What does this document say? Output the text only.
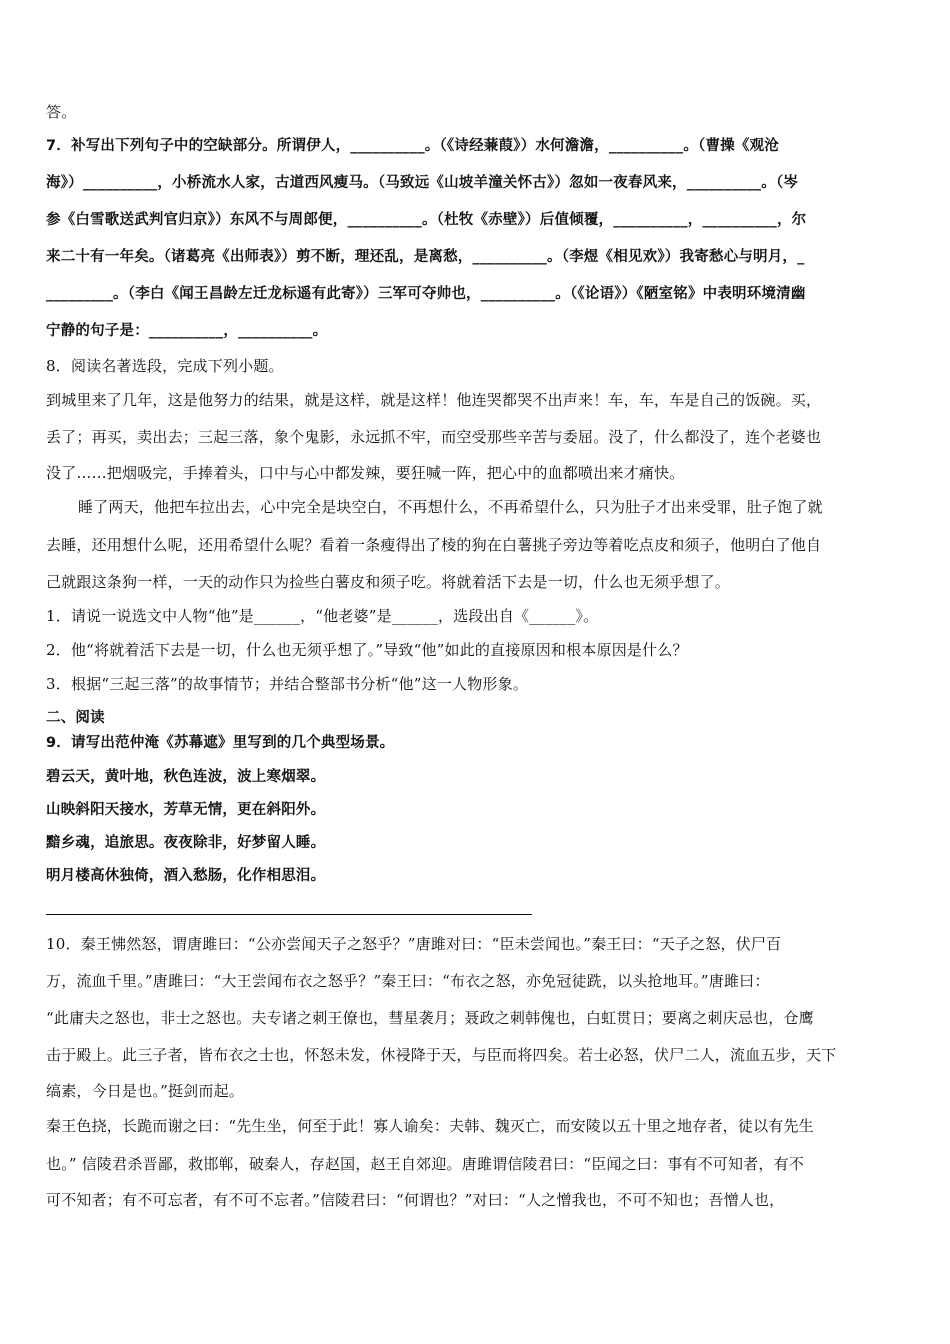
答。
7．补写出下列句子中的空缺部分。所谓伊人，__________。（《诗经蒹葭》）水何澹澹，__________。（曹操《观沧
海》）__________，小桥流水人家，古道西风瘦马。（马致远《山坡羊潼关怀古》）忽如一夜春风来，__________。（岑
参《白雪歌送武判官归京》）东风不与周郎便，__________。（杜牧《赤壁》）后值倾覆，__________，__________，尔
来二十有一年矣。（诸葛亮《出师表》）剪不断，理还乱，是离愁，__________。（李煜《相见欢》）我寄愁心与明月，_
_________。（李白《闻王昌龄左迁龙标遥有此寄》）三军可夺帅也，__________。（《论语》）《陋室铭》中表明环境清幽
宁静的句子是：__________，__________。
8．阅读名著选段，完成下列小题。
到城里来了几年，这是他努力的结果，就是这样，就是这样！他连哭都哭不出声来！车，车，车是自己的饭碗。买，
丢了；再买，卖出去；三起三落，象个鬼影，永远抓不牢，而空受那些辛苦与委屈。没了，什么都没了，连个老婆也
没了……把烟吸完，手捧着头，口中与心中都发辣，要狂喊一阵，把心中的血都喷出来才痛快。
睡了两天，他把车拉出去，心中完全是块空白，不再想什么，不再希望什么，只为肚子才出来受罪，肚子饱了就
去睡，还用想什么呢，还用希望什么呢？看着一条瘦得出了棱的狗在白薯挑子旁边等着吃点皮和须子，他明白了他自
己就跟这条狗一样，一天的动作只为捡些白薯皮和须子吃。将就着活下去是一切，什么也无须乎想了。
1．请说一说选文中人物“他”是______，“他老婆”是______，选段出自《______》。
2．他“将就着活下去是一切，什么也无须乎想了。”导致“他”如此的直接原因和根本原因是什么？
3．根据“三起三落”的故事情节；并结合整部书分析“他”这一人物形象。
二、阅读
9．请写出范仲淹《苏幕遮》里写到的几个典型场景。
碧云天，黄叶地，秋色连波，波上寒烟翠。
山映斜阳天接水，芳草无情，更在斜阳外。
黯乡魂，追旅思。夜夜除非，好梦留人睡。
明月楼高休独倚，酒入愁肠，化作相思泪。
10．秦王怫然怒，谓唐雎曰：“公亦尝闻天子之怒乎？”唐雎对曰：“臣未尝闻也。”秦王曰：“天子之怒，伏尸百
万，流血千里。”唐雎曰：“大王尝闻布衣之怒乎？”秦王曰：“布衣之怒，亦免冠徒跣，以头抢地耳。”唐雎曰：
“此庸夫之怒也，非士之怒也。夫专诸之刺王僚也，彗星袭月；聂政之刺韩傀也，白虹贯日；要离之刺庆忌也，仓鹰
击于殿上。此三子者，皆布衣之士也，怀怒未发，休祲降于天，与臣而将四矣。若士必怒，伏尸二人，流血五步，天下
缟素，今日是也。”挺剑而起。
秦王色挠，长跪而谢之曰：“先生坐，何至于此！寡人谕矣：夫韩、魏灭亡，而安陵以五十里之地存者，徒以有先生
也。” 信陵君杀晋鄙，救邯郸，破秦人，存赵国，赵王自郊迎。唐雎谓信陵君曰：“臣闻之曰：事有不可知者，有不
可不知者；有不可忘者，有不可不忘者。”信陵君曰：“何谓也？”对曰：“人之憎我也，不可不知也；吾憎人也，
